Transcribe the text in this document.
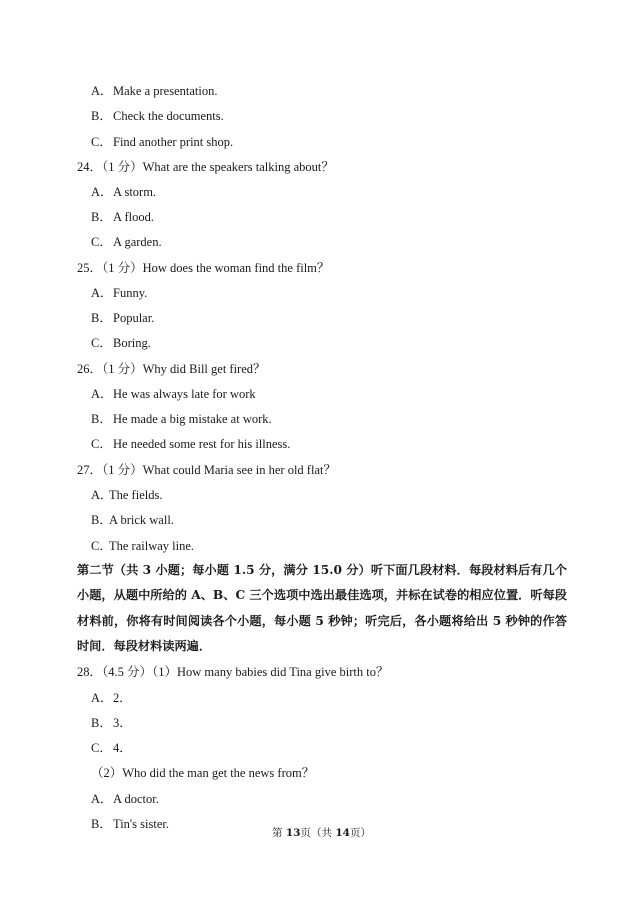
A．Make a presentation.
B．Check the documents.
C．Find another print shop.
24．（1 分）What are the speakers talking about？
A．A storm.
B．A flood.
C．A garden.
25．（1 分）How does the woman find the film？
A．Funny.
B．Popular.
C．Boring.
26．（1 分）Why did Bill get fired？
A．He was always late for work
B．He made a big mistake at work.
C．He needed some rest for his illness.
27．（1 分）What could Maria see in her old flat？
A．The fields.
B．A brick wall.
C．The railway line.
第二节（共 3 小题；每小题 1.5 分，满分 15.0 分）听下面几段材料．每段材料后有几个小题，从题中所给的 A、B、C 三个选项中选出最佳选项，并标在试卷的相应位置．听每段材料前，你将有时间阅读各个小题，每小题 5 秒钟；听完后，各小题将给出 5 秒钟的作答时间．每段材料读两遍．
28．（4.5 分）（1）How many babies did Tina give birth to？
A．2．
B．3．
C．4．
（2）Who did the man get the news from？
A．A doctor.
B．Tin's sister.
第 13页（共 14页）
